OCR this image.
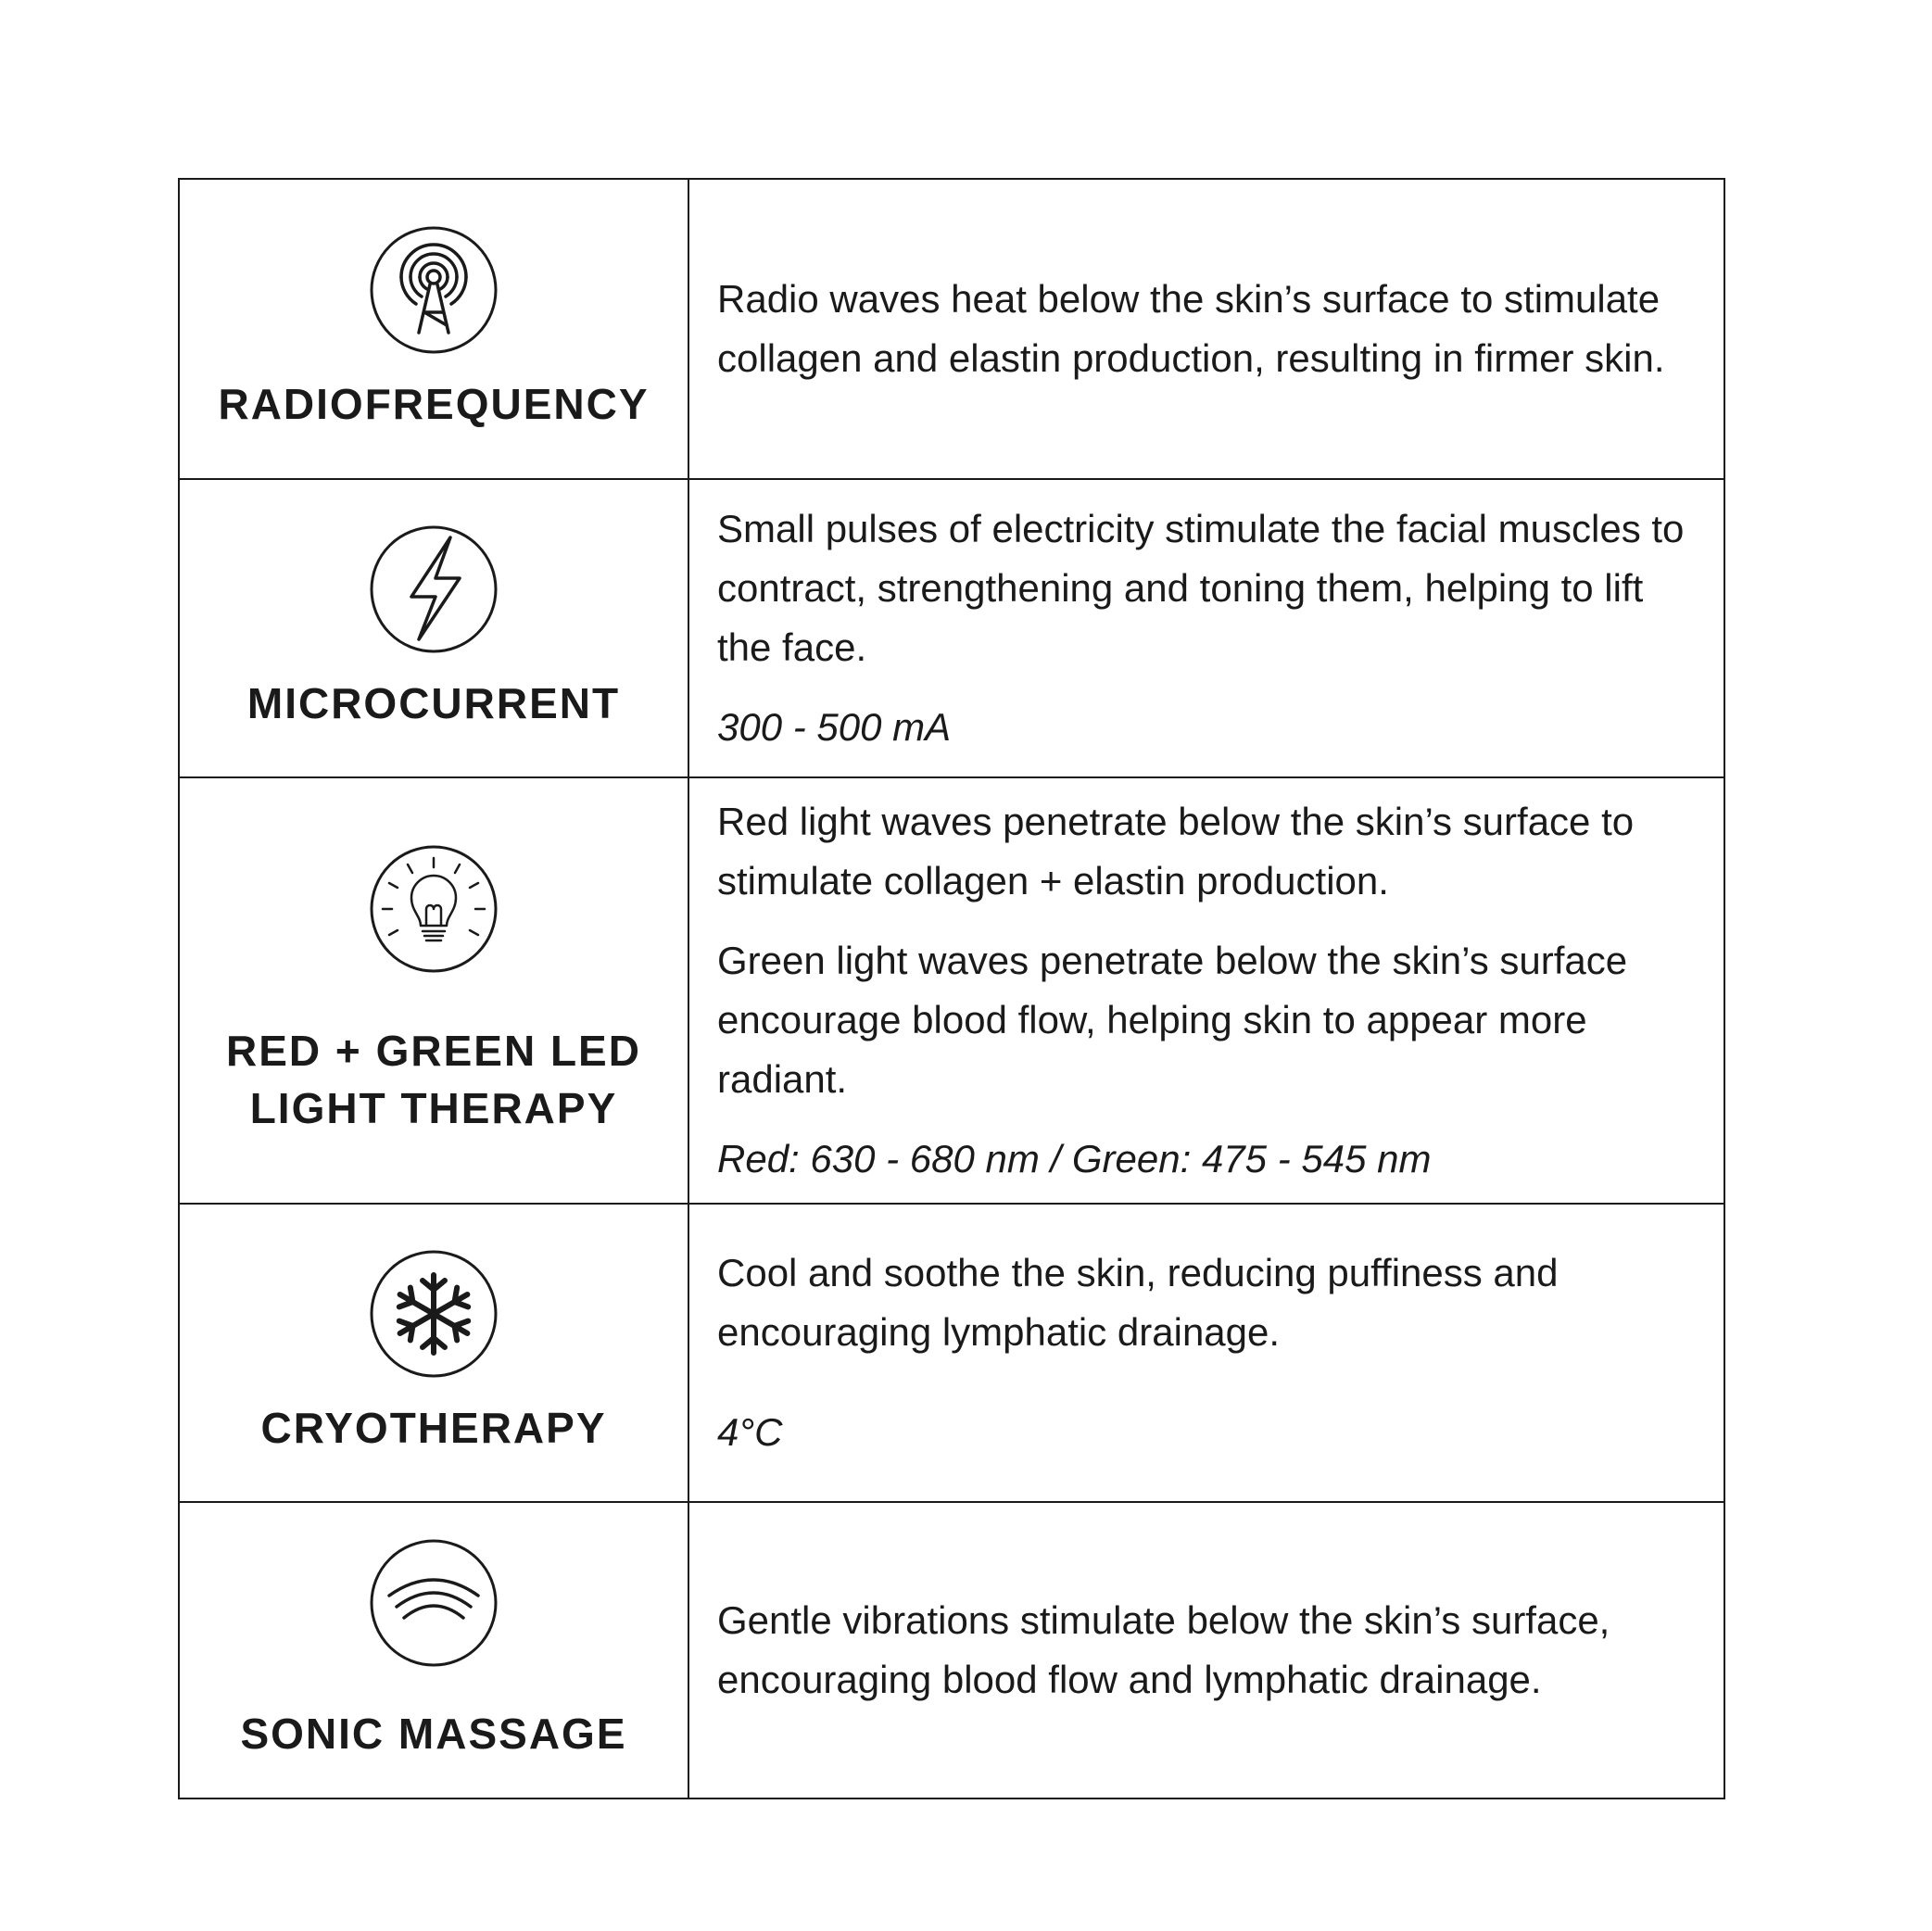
RADIOFREQUENCY

Radio waves heat below the skin’s surface to stimulate collagen and elastin production, resulting in firmer skin.

MICROCURRENT

Small pulses of electricity stimulate the facial muscles to contract, strengthening and toning them, helping to lift the face.

300 - 500 mA

RED + GREEN LED
LIGHT THERAPY

Red light waves penetrate below the skin’s surface to stimulate collagen + elastin production.

Green light waves penetrate below the skin’s surface encourage blood flow, helping skin to appear more radiant.

Red: 630 - 680 nm / Green: 475 - 545 nm

CRYOTHERAPY

Cool and soothe the skin, reducing puffiness and encouraging lymphatic drainage.

4°C

SONIC MASSAGE

Gentle vibrations stimulate below the skin’s surface, encouraging blood flow and lymphatic drainage.
